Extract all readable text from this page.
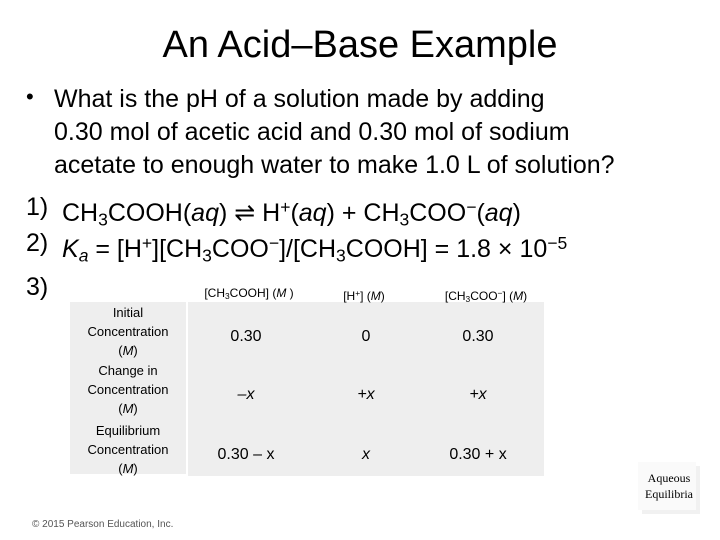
An Acid–Base Example
• What is the pH of a solution made by adding
0.30 mol of acetic acid and 0.30 mol of sodium
acetate to enough water to make 1.0 L of solution?
1) $CH_3COOH(aq)$ ⇌ $H^+(aq) + CH_3COO^-(aq)$
2) $K_a$ = $[H^+][CH_3COO^-]/[CH_3COOH] = 1.8 \times 10^{-5}$
3)	$[CH_3COOH]$ (M )	[H+] (M)	$[CH_3COO^-]$ (M)
Initial
Concentration
(M)
0.30	0	0.30
Change in
Concentration
(M)
–x	+x	+x
Equilibrium
Concentration
(M)
0.30 – x	x	0.30 + x
© 2015 Pearson Education, Inc.
Aqueous
Equilibria
